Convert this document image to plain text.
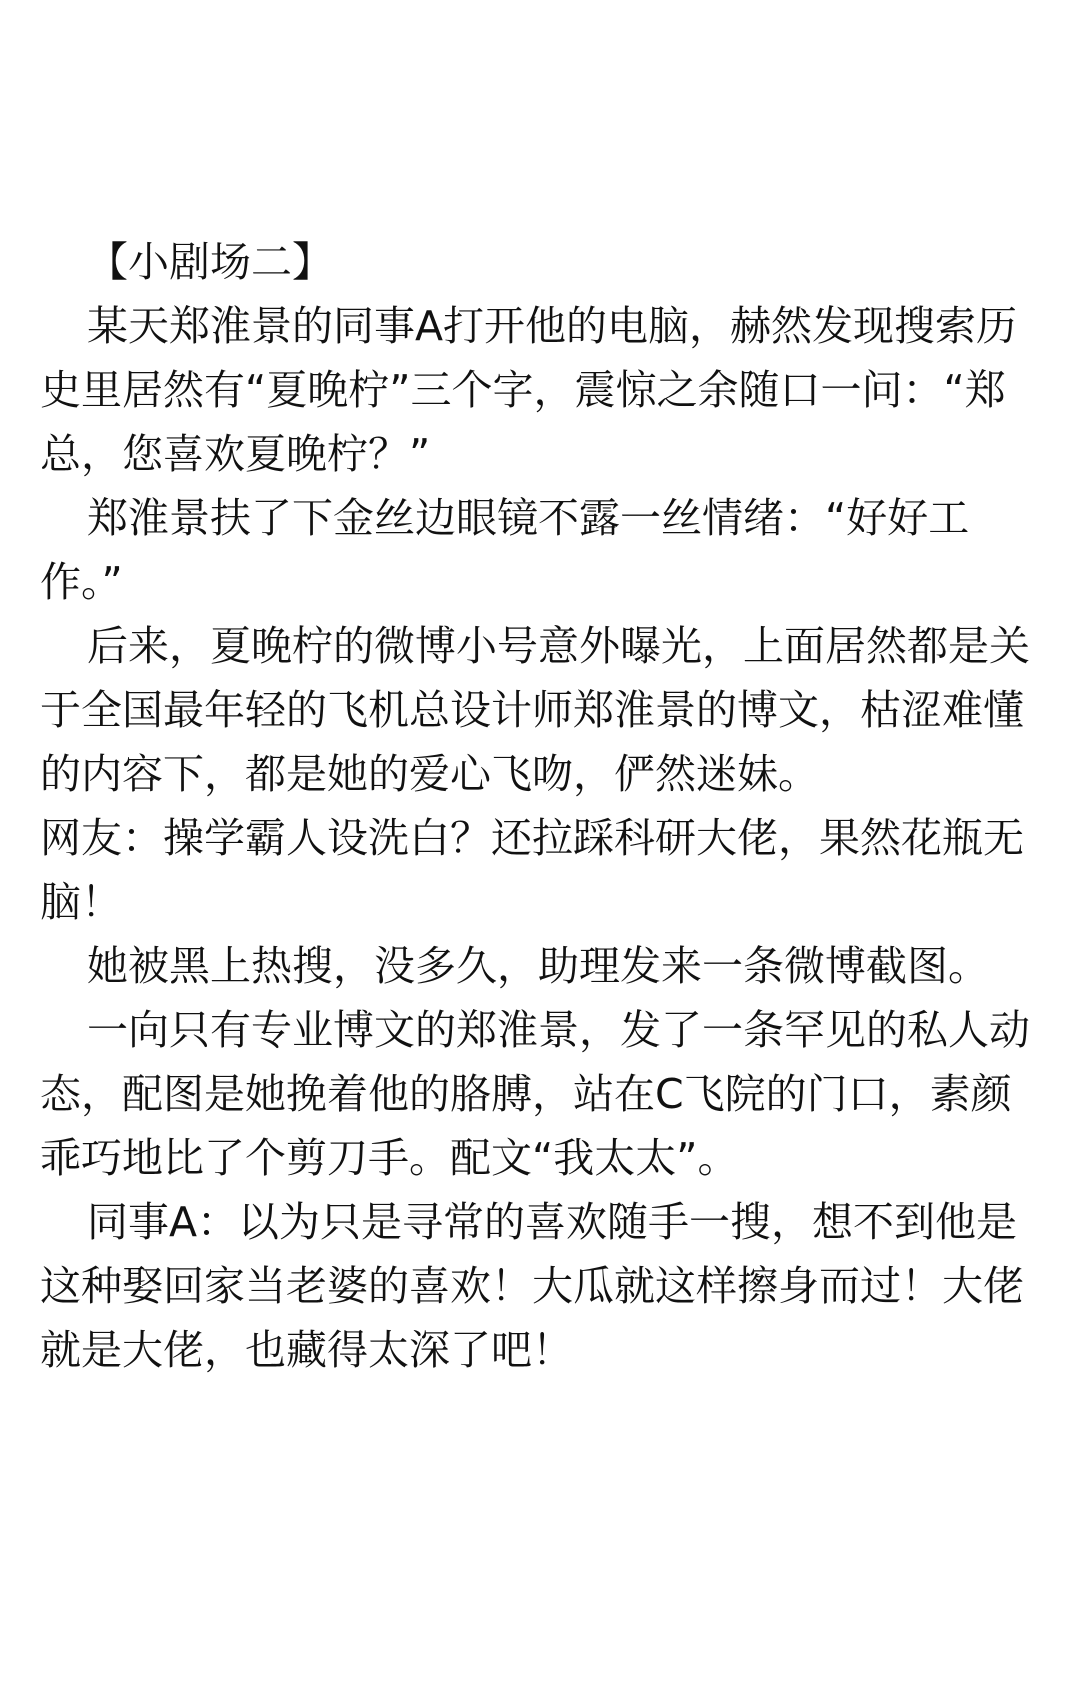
【小剧场二】

某天郑淮景的同事A打开他的电脑，赫然发现搜索历史里居然有“夏晚柠”三个字，震惊之余随口一问：“郑总，您喜欢夏晚柠？”

郑淮景扶了下金丝边眼镜不露一丝情绪：“好好工作。”

后来，夏晚柠的微博小号意外曝光，上面居然都是关于全国最年轻的飞机总设计师郑淮景的博文，枯涩难懂的内容下，都是她的爱心飞吻，俨然迷妹。

网友：操学霸人设洗白？还拉踩科研大佬，果然花瓶无脑！

她被黑上热搜，没多久，助理发来一条微博截图。

一向只有专业博文的郑淮景，发了一条罕见的私人动态，配图是她挽着他的胳膊，站在C飞院的门口，素颜乖巧地比了个剪刀手。配文“我太太”。

同事A：以为只是寻常的喜欢随手一搜，想不到他是这种娶回家当老婆的喜欢！大瓜就这样擦身而过！大佬就是大佬，也藏得太深了吧！
